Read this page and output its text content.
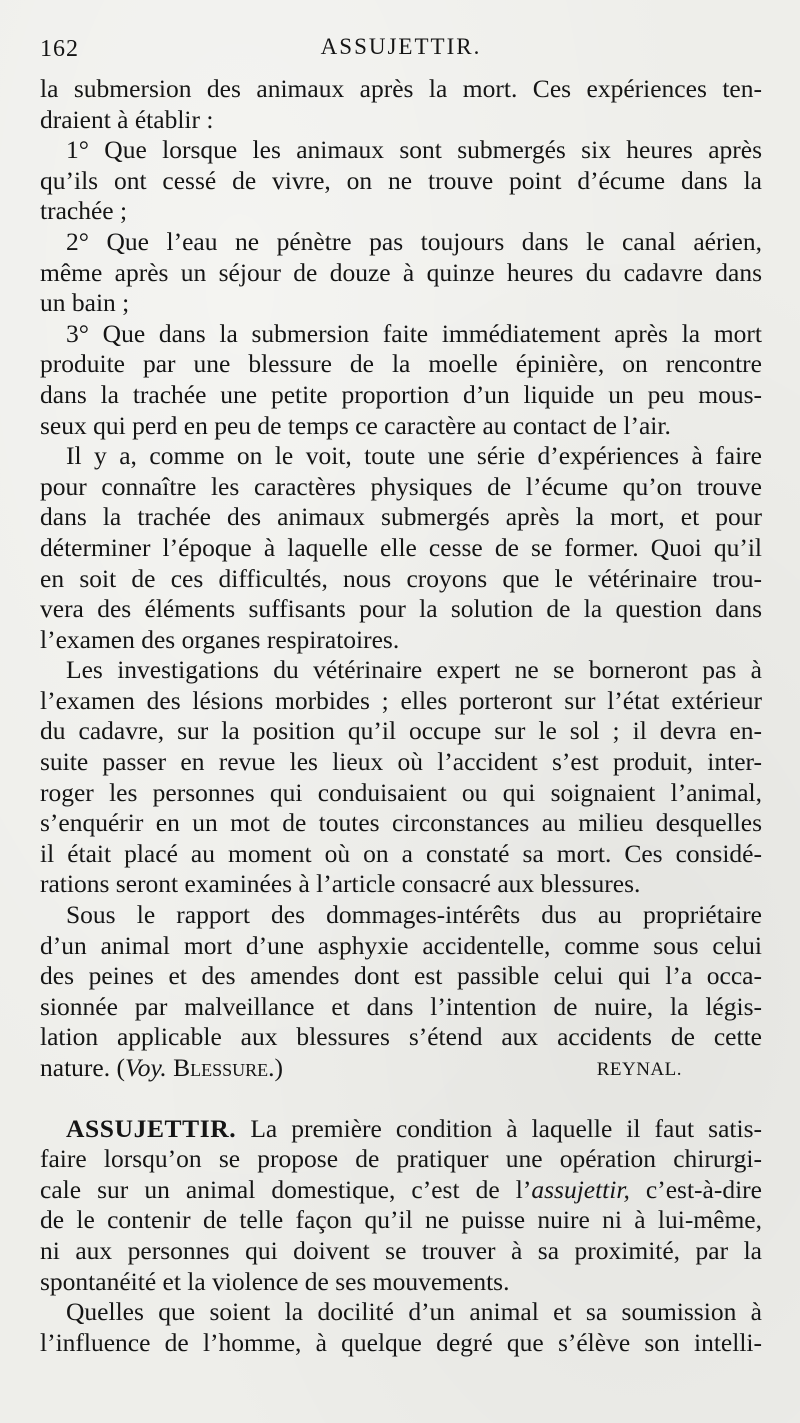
162	ASSUJETTIR.
la submersion des animaux après la mort. Ces expériences ten-
draient à établir :
1° Que lorsque les animaux sont submergés six heures après
qu’ils ont cessé de vivre, on ne trouve point d’écume dans la
trachée ;
2° Que l’eau ne pénètre pas toujours dans le canal aérien,
même après un séjour de douze à quinze heures du cadavre dans
un bain ;
3° Que dans la submersion faite immédiatement après la mort
produite par une blessure de la moelle épinière, on rencontre
dans la trachée une petite proportion d’un liquide un peu mous-
seux qui perd en peu de temps ce caractère au contact de l’air.
Il y a, comme on le voit, toute une série d’expériences à faire
pour connaître les caractères physiques de l’écume qu’on trouve
dans la trachée des animaux submergés après la mort, et pour
déterminer l’époque à laquelle elle cesse de se former. Quoi qu’il
en soit de ces difficultés, nous croyons que le vétérinaire trou-
vera des éléments suffisants pour la solution de la question dans
l’examen des organes respiratoires.
Les investigations du vétérinaire expert ne se borneront pas à
l’examen des lésions morbides ; elles porteront sur l’état extérieur
du cadavre, sur la position qu’il occupe sur le sol ; il devra en-
suite passer en revue les lieux où l’accident s’est produit, inter-
roger les personnes qui conduisaient ou qui soignaient l’animal,
s’enquérir en un mot de toutes circonstances au milieu desquelles
il était placé au moment où on a constaté sa mort. Ces considé-
rations seront examinées à l’article consacré aux blessures.
Sous le rapport des dommages-intérêts dus au propriétaire
d’un animal mort d’une asphyxie accidentelle, comme sous celui
des peines et des amendes dont est passible celui qui l’a occa-
sionnée par malveillance et dans l’intention de nuire, la légis-
lation applicable aux blessures s’étend aux accidents de cette
nature. (Voy. Blessure.)	REYNAL.
ASSUJETTIR. La première condition à laquelle il faut satis-
faire lorsqu’on se propose de pratiquer une opération chirurgi-
cale sur un animal domestique, c’est de l’assujettir, c’est-à-dire
de le contenir de telle façon qu’il ne puisse nuire ni à lui-même,
ni aux personnes qui doivent se trouver à sa proximité, par la
spontanéité et la violence de ses mouvements.
Quelles que soient la docilité d’un animal et sa soumission à
l’influence de l’homme, à quelque degré que s’élève son intelli-
